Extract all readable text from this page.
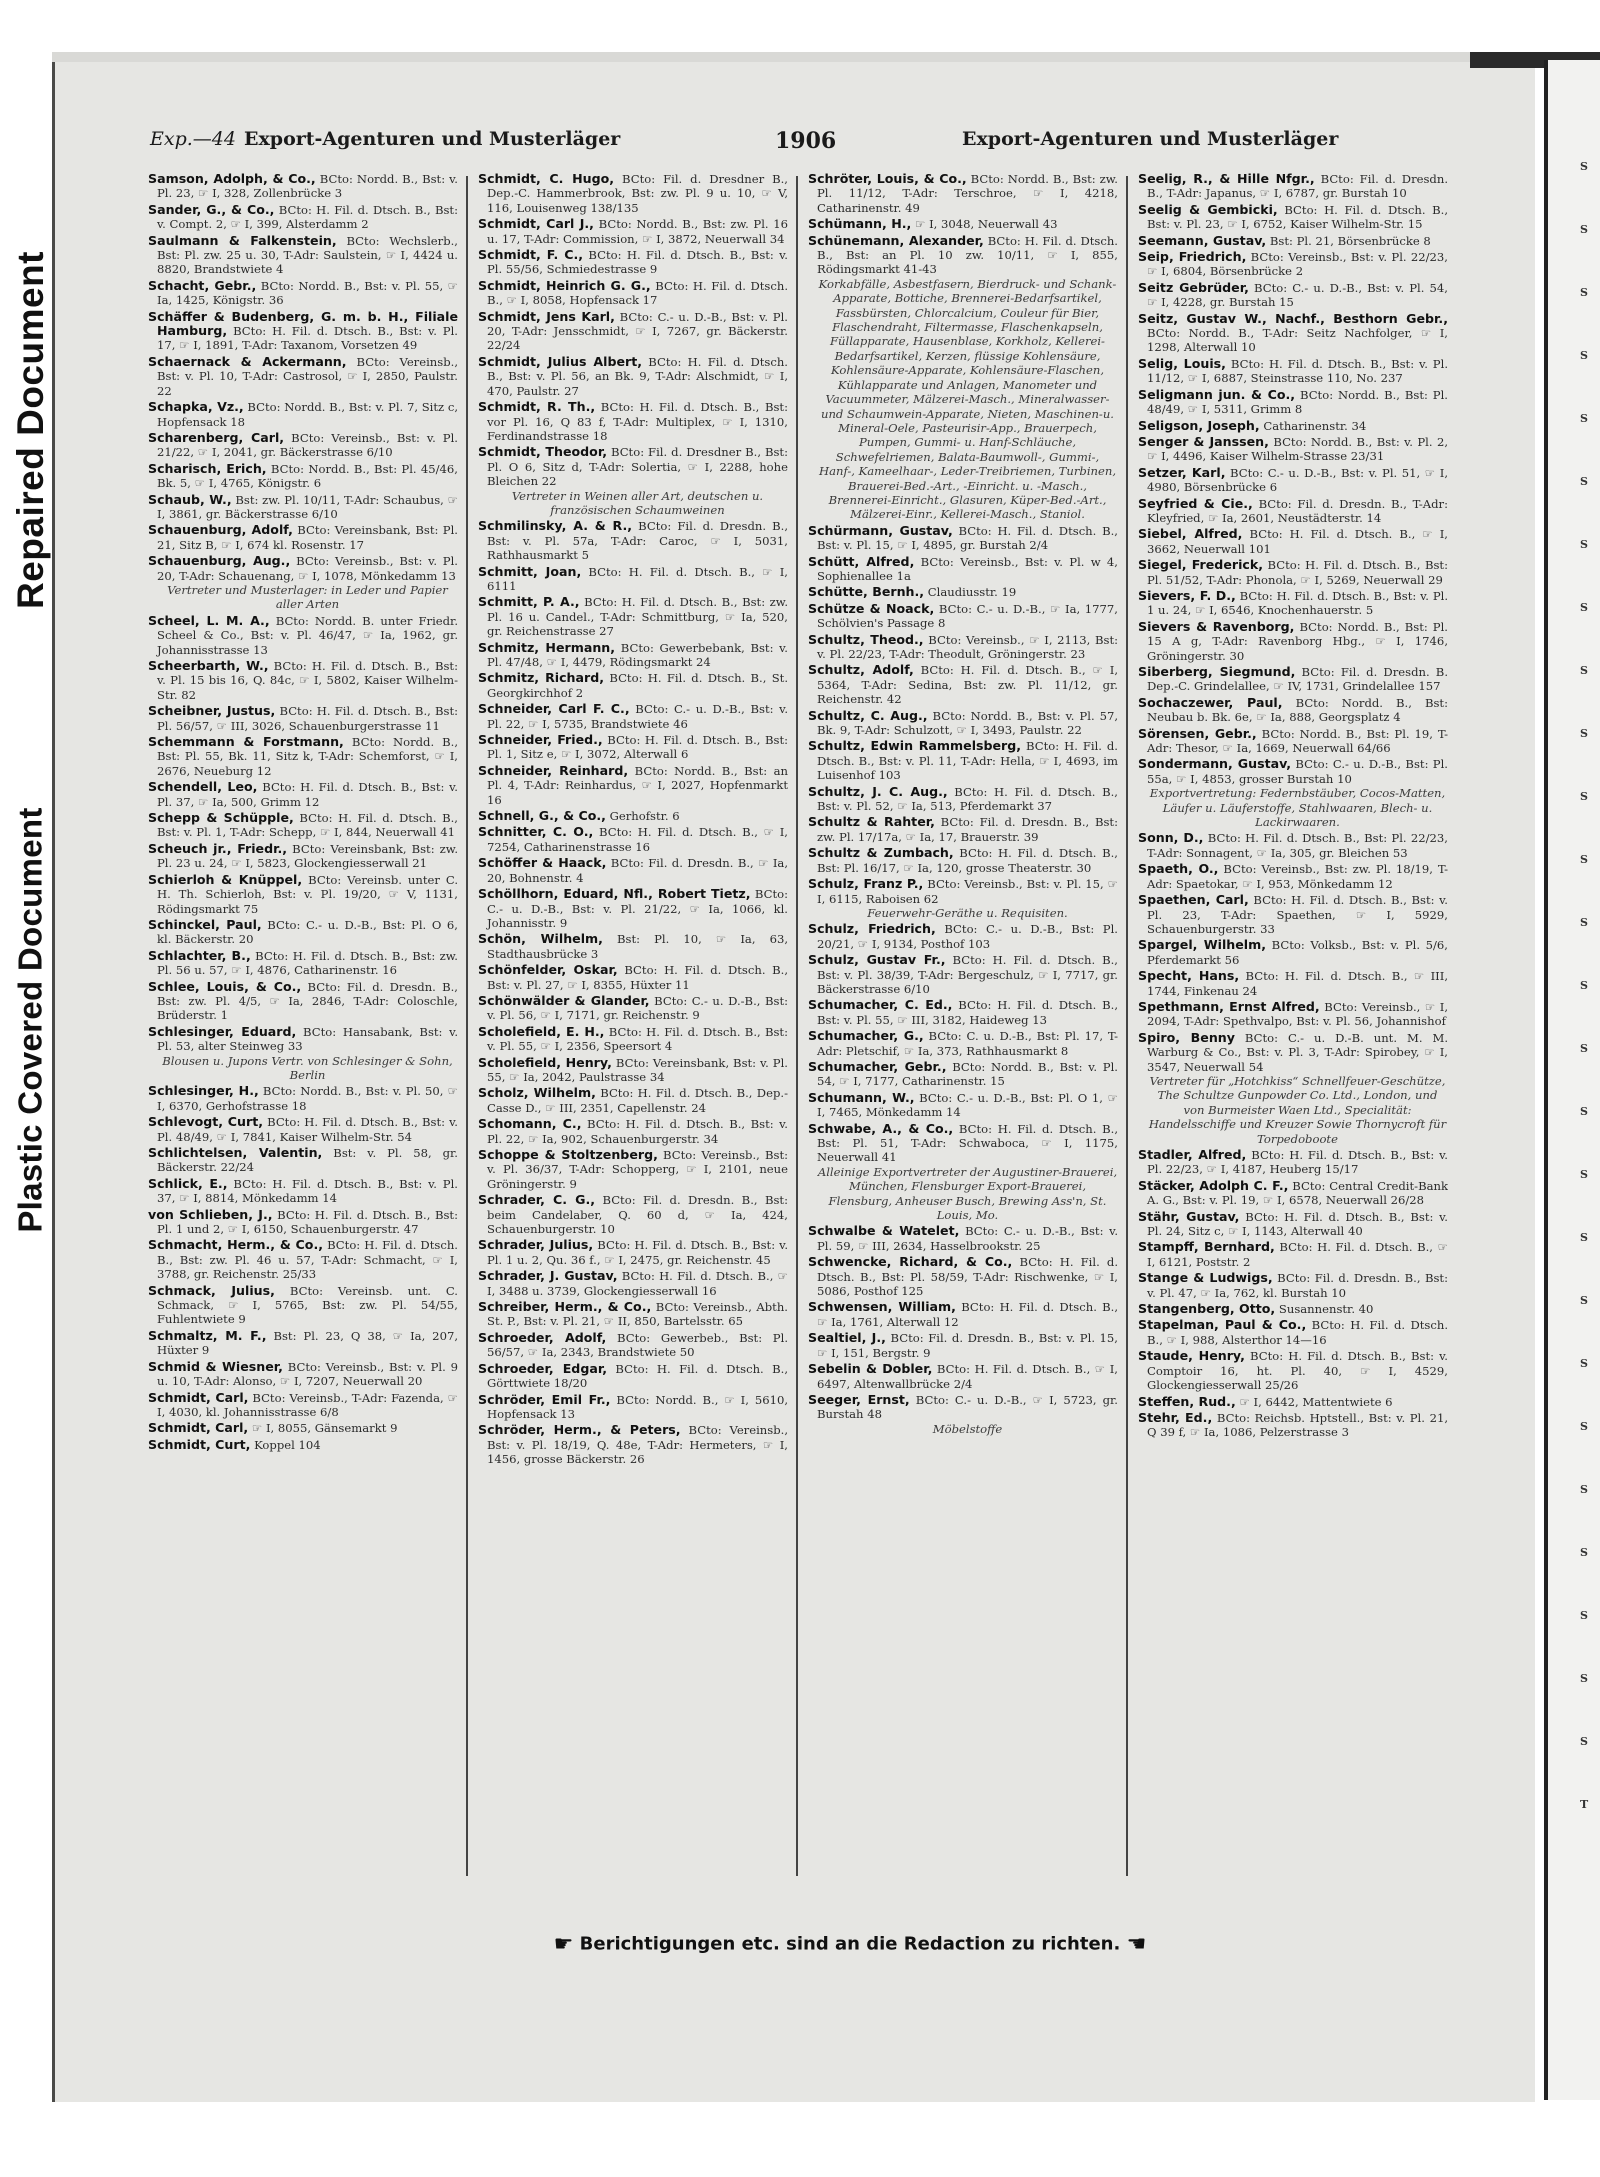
Repaired Document
Plastic Covered Document
S
S
S
S
S
S
S
S
S
S
S
S
S
S
S
S
S
S
S
S
S
S
S
S
S
S
T
Exp.—44 Export-Agenturen und Musterläger	1906	Export-Agenturen und Musterläger

Samson, Adolph, & Co., BCto: Nordd. B., Bst: v. Pl. 23, ☞ I, 328, Zollenbrücke 3

Sander, G., & Co., BCto: H. Fil. d. Dtsch. B., Bst: v. Compt. 2, ☞ I, 399, Alsterdamm 2

Saulmann & Falkenstein, BCto: Wechslerb., Bst: Pl. zw. 25 u. 30, T-Adr: Saulstein, ☞ I, 4424 u. 8820, Brandstwiete 4

Schacht, Gebr., BCto: Nordd. B., Bst: v. Pl. 55, ☞ Ia, 1425, Königstr. 36

Schäffer & Budenberg, G. m. b. H., Filiale Hamburg, BCto: H. Fil. d. Dtsch. B., Bst: v. Pl. 17, ☞ I, 1891, T-Adr: Taxanom, Vorsetzen 49

Schaernack & Ackermann, BCto: Vereinsb., Bst: v. Pl. 10, T-Adr: Castrosol, ☞ I, 2850, Paulstr. 22

Schapka, Vz., BCto: Nordd. B., Bst: v. Pl. 7, Sitz c, Hopfensack 18

Scharenberg, Carl, BCto: Vereinsb., Bst: v. Pl. 21/22, ☞ I, 2041, gr. Bäckerstrasse 6/10

Scharisch, Erich, BCto: Nordd. B., Bst: Pl. 45/46, Bk. 5, ☞ I, 4765, Königstr. 6

Schaub, W., Bst: zw. Pl. 10/11, T-Adr: Schaubus, ☞ I, 3861, gr. Bäckerstrasse 6/10

Schauenburg, Adolf, BCto: Vereinsbank, Bst: Pl. 21, Sitz B, ☞ I, 674 kl. Rosenstr. 17

Schauenburg, Aug., BCto: Vereinsb., Bst: v. Pl. 20, T-Adr: Schauenang, ☞ I, 1078, Mönkedamm 13
Vertreter und Musterlager: in Leder und Papier aller Arten

Scheel, L. M. A., BCto: Nordd. B. unter Friedr. Scheel & Co., Bst: v. Pl. 46/47, ☞ Ia, 1962, gr. Johannisstrasse 13

Scheerbarth, W., BCto: H. Fil. d. Dtsch. B., Bst: v. Pl. 15 bis 16, Q. 84c, ☞ I, 5802, Kaiser Wilhelm-Str. 82

Scheibner, Justus, BCto: H. Fil. d. Dtsch. B., Bst: Pl. 56/57, ☞ III, 3026, Schauenburgerstrasse 11

Schemmann & Forstmann, BCto: Nordd. B., Bst: Pl. 55, Bk. 11, Sitz k, T-Adr: Schemforst, ☞ I, 2676, Neueburg 12

Schendell, Leo, BCto: H. Fil. d. Dtsch. B., Bst: v. Pl. 37, ☞ Ia, 500, Grimm 12

Schepp & Schüpple, BCto: H. Fil. d. Dtsch. B., Bst: v. Pl. 1, T-Adr: Schepp, ☞ I, 844, Neuerwall 41

Scheuch jr., Friedr., BCto: Vereinsbank, Bst: zw. Pl. 23 u. 24, ☞ I, 5823, Glockengiesserwall 21

Schierloh & Knüppel, BCto: Vereinsb. unter C. H. Th. Schierloh, Bst: v. Pl. 19/20, ☞ V, 1131, Rödingsmarkt 75

Schinckel, Paul, BCto: C.- u. D.-B., Bst: Pl. O 6, kl. Bäckerstr. 20

Schlachter, B., BCto: H. Fil. d. Dtsch. B., Bst: zw. Pl. 56 u. 57, ☞ I, 4876, Catharinenstr. 16

Schlee, Louis, & Co., BCto: Fil. d. Dresdn. B., Bst: zw. Pl. 4/5, ☞ Ia, 2846, T-Adr: Coloschle, Brüderstr. 1

Schlesinger, Eduard, BCto: Hansabank, Bst: v. Pl. 53, alter Steinweg 33
Blousen u. Jupons Vertr. von Schlesinger & Sohn, Berlin

Schlesinger, H., BCto: Nordd. B., Bst: v. Pl. 50, ☞ I, 6370, Gerhofstrasse 18

Schlevogt, Curt, BCto: H. Fil. d. Dtsch. B., Bst: v. Pl. 48/49, ☞ I, 7841, Kaiser Wilhelm-Str. 54

Schlichtelsen, Valentin, Bst: v. Pl. 58, gr. Bäckerstr. 22/24

Schlick, E., BCto: H. Fil. d. Dtsch. B., Bst: v. Pl. 37, ☞ I, 8814, Mönkedamm 14

von Schlieben, J., BCto: H. Fil. d. Dtsch. B., Bst: Pl. 1 und 2, ☞ I, 6150, Schauenburgerstr. 47

Schmacht, Herm., & Co., BCto: H. Fil. d. Dtsch. B., Bst: zw. Pl. 46 u. 57, T-Adr: Schmacht, ☞ I, 3788, gr. Reichenstr. 25/33

Schmack, Julius, BCto: Vereinsb. unt. C. Schmack, ☞ I, 5765, Bst: zw. Pl. 54/55, Fuhlentwiete 9

Schmaltz, M. F., Bst: Pl. 23, Q 38, ☞ Ia, 207, Hüxter 9

Schmid & Wiesner, BCto: Vereinsb., Bst: v. Pl. 9 u. 10, T-Adr: Alonso, ☞ I, 7207, Neuerwall 20

Schmidt, Carl, BCto: Vereinsb., T-Adr: Fazenda, ☞ I, 4030, kl. Johannisstrasse 6/8

Schmidt, Carl, ☞ I, 8055, Gänsemarkt 9

Schmidt, Curt, Koppel 104

Schmidt, C. Hugo, BCto: Fil. d. Dresdner B., Dep.-C. Hammerbrook, Bst: zw. Pl. 9 u. 10, ☞ V, 116, Louisenweg 138/135

Schmidt, Carl J., BCto: Nordd. B., Bst: zw. Pl. 16 u. 17, T-Adr: Commission, ☞ I, 3872, Neuerwall 34

Schmidt, F. C., BCto: H. Fil. d. Dtsch. B., Bst: v. Pl. 55/56, Schmiedestrasse 9

Schmidt, Heinrich G. G., BCto: H. Fil. d. Dtsch. B., ☞ I, 8058, Hopfensack 17

Schmidt, Jens Karl, BCto: C.- u. D.-B., Bst: v. Pl. 20, T-Adr: Jensschmidt, ☞ I, 7267, gr. Bäckerstr. 22/24

Schmidt, Julius Albert, BCto: H. Fil. d. Dtsch. B., Bst: v. Pl. 56, an Bk. 9, T-Adr: Alschmidt, ☞ I, 470, Paulstr. 27

Schmidt, R. Th., BCto: H. Fil. d. Dtsch. B., Bst: vor Pl. 16, Q 83 f, T-Adr: Multiplex, ☞ I, 1310, Ferdinandstrasse 18

Schmidt, Theodor, BCto: Fil. d. Dresdner B., Bst: Pl. O 6, Sitz d, T-Adr: Solertia, ☞ I, 2288, hohe Bleichen 22
Vertreter in Weinen aller Art, deutschen u. französischen Schaumweinen

Schmilinsky, A. & R., BCto: Fil. d. Dresdn. B., Bst: v. Pl. 57a, T-Adr: Caroc, ☞ I, 5031, Rathhausmarkt 5

Schmitt, Joan, BCto: H. Fil. d. Dtsch. B., ☞ I, 6111

Schmitt, P. A., BCto: H. Fil. d. Dtsch. B., Bst: zw. Pl. 16 u. Candel., T-Adr: Schmittburg, ☞ Ia, 520, gr. Reichenstrasse 27

Schmitz, Hermann, BCto: Gewerbebank, Bst: v. Pl. 47/48, ☞ I, 4479, Rödingsmarkt 24

Schmitz, Richard, BCto: H. Fil. d. Dtsch. B., St. Georgkirchhof 2

Schneider, Carl F. C., BCto: C.- u. D.-B., Bst: v. Pl. 22, ☞ I, 5735, Brandstwiete 46

Schneider, Fried., BCto: H. Fil. d. Dtsch. B., Bst: Pl. 1, Sitz e, ☞ I, 3072, Alterwall 6

Schneider, Reinhard, BCto: Nordd. B., Bst: an Pl. 4, T-Adr: Reinhardus, ☞ I, 2027, Hopfenmarkt 16

Schnell, G., & Co., Gerhofstr. 6

Schnitter, C. O., BCto: H. Fil. d. Dtsch. B., ☞ I, 7254, Catharinenstrasse 16

Schöffer & Haack, BCto: Fil. d. Dresdn. B., ☞ Ia, 20, Bohnenstr. 4

Schöllhorn, Eduard, Nfl., Robert Tietz, BCto: C.- u. D.-B., Bst: v. Pl. 21/22, ☞ Ia, 1066, kl. Johannisstr. 9

Schön, Wilhelm, Bst: Pl. 10, ☞ Ia, 63, Stadthausbrücke 3

Schönfelder, Oskar, BCto: H. Fil. d. Dtsch. B., Bst: v. Pl. 27, ☞ I, 8355, Hüxter 11

Schönwälder & Glander, BCto: C.- u. D.-B., Bst: v. Pl. 56, ☞ I, 7171, gr. Reichenstr. 9

Scholefield, E. H., BCto: H. Fil. d. Dtsch. B., Bst: v. Pl. 55, ☞ I, 2356, Speersort 4

Scholefield, Henry, BCto: Vereinsbank, Bst: v. Pl. 55, ☞ Ia, 2042, Paulstrasse 34

Scholz, Wilhelm, BCto: H. Fil. d. Dtsch. B., Dep.-Casse D., ☞ III, 2351, Capellenstr. 24

Schomann, C., BCto: H. Fil. d. Dtsch. B., Bst: v. Pl. 22, ☞ Ia, 902, Schauenburgerstr. 34

Schoppe & Stoltzenberg, BCto: Vereinsb., Bst: v. Pl. 36/37, T-Adr: Schopperg, ☞ I, 2101, neue Gröningerstr. 9

Schrader, C. G., BCto: Fil. d. Dresdn. B., Bst: beim Candelaber, Q. 60 d, ☞ Ia, 424, Schauenburgerstr. 10

Schrader, Julius, BCto: H. Fil. d. Dtsch. B., Bst: v. Pl. 1 u. 2, Qu. 36 f., ☞ I, 2475, gr. Reichenstr. 45

Schrader, J. Gustav, BCto: H. Fil. d. Dtsch. B., ☞ I, 3488 u. 3739, Glockengiesserwall 16

Schreiber, Herm., & Co., BCto: Vereinsb., Abth. St. P., Bst: v. Pl. 21, ☞ II, 850, Bartelsstr. 65

Schroeder, Adolf, BCto: Gewerbeb., Bst: Pl. 56/57, ☞ Ia, 2343, Brandstwiete 50

Schroeder, Edgar, BCto: H. Fil. d. Dtsch. B., Görttwiete 18/20

Schröder, Emil Fr., BCto: Nordd. B., ☞ I, 5610, Hopfensack 13

Schröder, Herm., & Peters, BCto: Vereinsb., Bst: v. Pl. 18/19, Q. 48e, T-Adr: Hermeters, ☞ I, 1456, grosse Bäckerstr. 26

Schröter, Louis, & Co., BCto: Nordd. B., Bst: zw. Pl. 11/12, T-Adr: Terschroe, ☞ I, 4218, Catharinenstr. 49

Schümann, H., ☞ I, 3048, Neuerwall 43

Schünemann, Alexander, BCto: H. Fil. d. Dtsch. B., Bst: an Pl. 10 zw. 10/11, ☞ I, 855, Rödingsmarkt 41-43
Korkabfälle, Asbestfasern, Bierdruck- und Schank-Apparate, Bottiche, Brennerei-Bedarfsartikel, Fassbürsten, Chlorcalcium, Couleur für Bier, Flaschendraht, Filtermasse, Flaschenkapseln, Füllapparate, Hausenblase, Korkholz, Kellerei-Bedarfsartikel, Kerzen, flüssige Kohlensäure, Kohlensäure-Apparate, Kohlensäure-Flaschen, Kühlapparate und Anlagen, Manometer und Vacuummeter, Mälzerei-Masch., Mineralwasser- und Schaumwein-Apparate, Nieten, Maschinen-u. Mineral-Oele, Pasteurisir-App., Brauerpech, Pumpen, Gummi- u. Hanf-Schläuche, Schwefelriemen, Balata-Baumwoll-, Gummi-, Hanf-, Kameelhaar-, Leder-Treibriemen, Turbinen, Brauerei-Bed.-Art., -Einricht. u. -Masch., Brennerei-Einricht., Glasuren, Küper-Bed.-Art., Mälzerei-Einr., Kellerei-Masch., Staniol.

Schürmann, Gustav, BCto: H. Fil. d. Dtsch. B., Bst: v. Pl. 15, ☞ I, 4895, gr. Burstah 2/4

Schütt, Alfred, BCto: Vereinsb., Bst: v. Pl. w 4, Sophienallee 1a

Schütte, Bernh., Claudiusstr. 19

Schütze & Noack, BCto: C.- u. D.-B., ☞ Ia, 1777, Schölvien's Passage 8

Schultz, Theod., BCto: Vereinsb., ☞ I, 2113, Bst: v. Pl. 22/23, T-Adr: Theodult, Gröningerstr. 23

Schultz, Adolf, BCto: H. Fil. d. Dtsch. B., ☞ I, 5364, T-Adr: Sedina, Bst: zw. Pl. 11/12, gr. Reichenstr. 42

Schultz, C. Aug., BCto: Nordd. B., Bst: v. Pl. 57, Bk. 9, T-Adr: Schulzott, ☞ I, 3493, Paulstr. 22

Schultz, Edwin Rammelsberg, BCto: H. Fil. d. Dtsch. B., Bst: v. Pl. 11, T-Adr: Hella, ☞ I, 4693, im Luisenhof 103

Schultz, J. C. Aug., BCto: H. Fil. d. Dtsch. B., Bst: v. Pl. 52, ☞ Ia, 513, Pferdemarkt 37

Schultz & Rahter, BCto: Fil. d. Dresdn. B., Bst: zw. Pl. 17/17a, ☞ Ia, 17, Brauerstr. 39

Schultz & Zumbach, BCto: H. Fil. d. Dtsch. B., Bst: Pl. 16/17, ☞ Ia, 120, grosse Theaterstr. 30

Schulz, Franz P., BCto: Vereinsb., Bst: v. Pl. 15, ☞ I, 6115, Raboisen 62
Feuerwehr-Geräthe u. Requisiten.

Schulz, Friedrich, BCto: C.- u. D.-B., Bst: Pl. 20/21, ☞ I, 9134, Posthof 103

Schulz, Gustav Fr., BCto: H. Fil. d. Dtsch. B., Bst: v. Pl. 38/39, T-Adr: Bergeschulz, ☞ I, 7717, gr. Bäckerstrasse 6/10

Schumacher, C. Ed., BCto: H. Fil. d. Dtsch. B., Bst: v. Pl. 55, ☞ III, 3182, Haideweg 13

Schumacher, G., BCto: C. u. D.-B., Bst: Pl. 17, T-Adr: Pletschif, ☞ Ia, 373, Rathhausmarkt 8

Schumacher, Gebr., BCto: Nordd. B., Bst: v. Pl. 54, ☞ I, 7177, Catharinenstr. 15

Schumann, W., BCto: C.- u. D.-B., Bst: Pl. O 1, ☞ I, 7465, Mönkedamm 14

Schwabe, A., & Co., BCto: H. Fil. d. Dtsch. B., Bst: Pl. 51, T-Adr: Schwaboca, ☞ I, 1175, Neuerwall 41
Alleinige Exportvertreter der Augustiner-Brauerei, München, Flensburger Export-Brauerei, Flensburg, Anheuser Busch, Brewing Ass'n, St. Louis, Mo.

Schwalbe & Watelet, BCto: C.- u. D.-B., Bst: v. Pl. 59, ☞ III, 2634, Hasselbrookstr. 25

Schwencke, Richard, & Co., BCto: H. Fil. d. Dtsch. B., Bst: Pl. 58/59, T-Adr: Rischwenke, ☞ I, 5086, Posthof 125

Schwensen, William, BCto: H. Fil. d. Dtsch. B., ☞ Ia, 1761, Alterwall 12

Sealtiel, J., BCto: Fil. d. Dresdn. B., Bst: v. Pl. 15, ☞ I, 151, Bergstr. 9

Sebelin & Dobler, BCto: H. Fil. d. Dtsch. B., ☞ I, 6497, Altenwallbrücke 2/4

Seeger, Ernst, BCto: C.- u. D.-B., ☞ I, 5723, gr. Burstah 48
Möbelstoffe

Seelig, R., & Hille Nfgr., BCto: Fil. d. Dresdn. B., T-Adr: Japanus, ☞ I, 6787, gr. Burstah 10

Seelig & Gembicki, BCto: H. Fil. d. Dtsch. B., Bst: v. Pl. 23, ☞ I, 6752, Kaiser Wilhelm-Str. 15

Seemann, Gustav, Bst: Pl. 21, Börsenbrücke 8

Seip, Friedrich, BCto: Vereinsb., Bst: v. Pl. 22/23, ☞ I, 6804, Börsenbrücke 2

Seitz Gebrüder, BCto: C.- u. D.-B., Bst: v. Pl. 54, ☞ I, 4228, gr. Burstah 15

Seitz, Gustav W., Nachf., Besthorn Gebr., BCto: Nordd. B., T-Adr: Seitz Nachfolger, ☞ I, 1298, Alterwall 10

Selig, Louis, BCto: H. Fil. d. Dtsch. B., Bst: v. Pl. 11/12, ☞ I, 6887, Steinstrasse 110, No. 237

Seligmann jun. & Co., BCto: Nordd. B., Bst: Pl. 48/49, ☞ I, 5311, Grimm 8

Seligson, Joseph, Catharinenstr. 34

Senger & Janssen, BCto: Nordd. B., Bst: v. Pl. 2, ☞ I, 4496, Kaiser Wilhelm-Strasse 23/31

Setzer, Karl, BCto: C.- u. D.-B., Bst: v. Pl. 51, ☞ I, 4980, Börsenbrücke 6

Seyfried & Cie., BCto: Fil. d. Dresdn. B., T-Adr: Kleyfried, ☞ Ia, 2601, Neustädterstr. 14

Siebel, Alfred, BCto: H. Fil. d. Dtsch. B., ☞ I, 3662, Neuerwall 101

Siegel, Frederick, BCto: H. Fil. d. Dtsch. B., Bst: Pl. 51/52, T-Adr: Phonola, ☞ I, 5269, Neuerwall 29

Sievers, F. D., BCto: H. Fil. d. Dtsch. B., Bst: v. Pl. 1 u. 24, ☞ I, 6546, Knochenhauerstr. 5

Sievers & Ravenborg, BCto: Nordd. B., Bst: Pl. 15 A g, T-Adr: Ravenborg Hbg., ☞ I, 1746, Gröningerstr. 30

Siberberg, Siegmund, BCto: Fil. d. Dresdn. B. Dep.-C. Grindelallee, ☞ IV, 1731, Grindelallee 157

Sochaczewer, Paul, BCto: Nordd. B., Bst: Neubau b. Bk. 6e, ☞ Ia, 888, Georgsplatz 4

Sörensen, Gebr., BCto: Nordd. B., Bst: Pl. 19, T-Adr: Thesor, ☞ Ia, 1669, Neuerwall 64/66

Sondermann, Gustav, BCto: C.- u. D.-B., Bst: Pl. 55a, ☞ I, 4853, grosser Burstah 10
Exportvertretung: Federnbstäuber, Cocos-Matten, Läufer u. Läuferstoffe, Stahlwaaren, Blech- u. Lackirwaaren.

Sonn, D., BCto: H. Fil. d. Dtsch. B., Bst: Pl. 22/23, T-Adr: Sonnagent, ☞ Ia, 305, gr. Bleichen 53

Spaeth, O., BCto: Vereinsb., Bst: zw. Pl. 18/19, T-Adr: Spaetokar, ☞ I, 953, Mönkedamm 12

Spaethen, Carl, BCto: H. Fil. d. Dtsch. B., Bst: v. Pl. 23, T-Adr: Spaethen, ☞ I, 5929, Schauenburgerstr. 33

Spargel, Wilhelm, BCto: Volksb., Bst: v. Pl. 5/6, Pferdemarkt 56

Specht, Hans, BCto: H. Fil. d. Dtsch. B., ☞ III, 1744, Finkenau 24

Spethmann, Ernst Alfred, BCto: Vereinsb., ☞ I, 2094, T-Adr: Spethvalpo, Bst: v. Pl. 56, Johannishof

Spiro, Benny BCto: C.- u. D.-B. unt. M. M. Warburg & Co., Bst: v. Pl. 3, T-Adr: Spirobey, ☞ I, 3547, Neuerwall 54
Vertreter für „Hotchkiss“ Schnellfeuer-Geschütze, The Schultze Gunpowder Co. Ltd., London, und von Burmeister Waen Ltd., Specialität: Handelsschiffe und Kreuzer Sowie Thornycroft für Torpedoboote

Stadler, Alfred, BCto: H. Fil. d. Dtsch. B., Bst: v. Pl. 22/23, ☞ I, 4187, Heuberg 15/17

Stäcker, Adolph C. F., BCto: Central Credit-Bank A. G., Bst: v. Pl. 19, ☞ I, 6578, Neuerwall 26/28

Stähr, Gustav, BCto: H. Fil. d. Dtsch. B., Bst: v. Pl. 24, Sitz c, ☞ I, 1143, Alterwall 40

Stampff, Bernhard, BCto: H. Fil. d. Dtsch. B., ☞ I, 6121, Poststr. 2

Stange & Ludwigs, BCto: Fil. d. Dresdn. B., Bst: v. Pl. 47, ☞ Ia, 762, kl. Burstah 10

Stangenberg, Otto, Susannenstr. 40

Stapelman, Paul & Co., BCto: H. Fil. d. Dtsch. B., ☞ I, 988, Alsterthor 14—16

Staude, Henry, BCto: H. Fil. d. Dtsch. B., Bst: v. Comptoir 16, ht. Pl. 40, ☞ I, 4529, Glockengiesserwall 25/26

Steffen, Rud., ☞ I, 6442, Mattentwiete 6

Stehr, Ed., BCto: Reichsb. Hptstell., Bst: v. Pl. 21, Q 39 f, ☞ Ia, 1086, Pelzerstrasse 3

☛ Berichtigungen etc. sind an die Redaction zu richten. ☚
